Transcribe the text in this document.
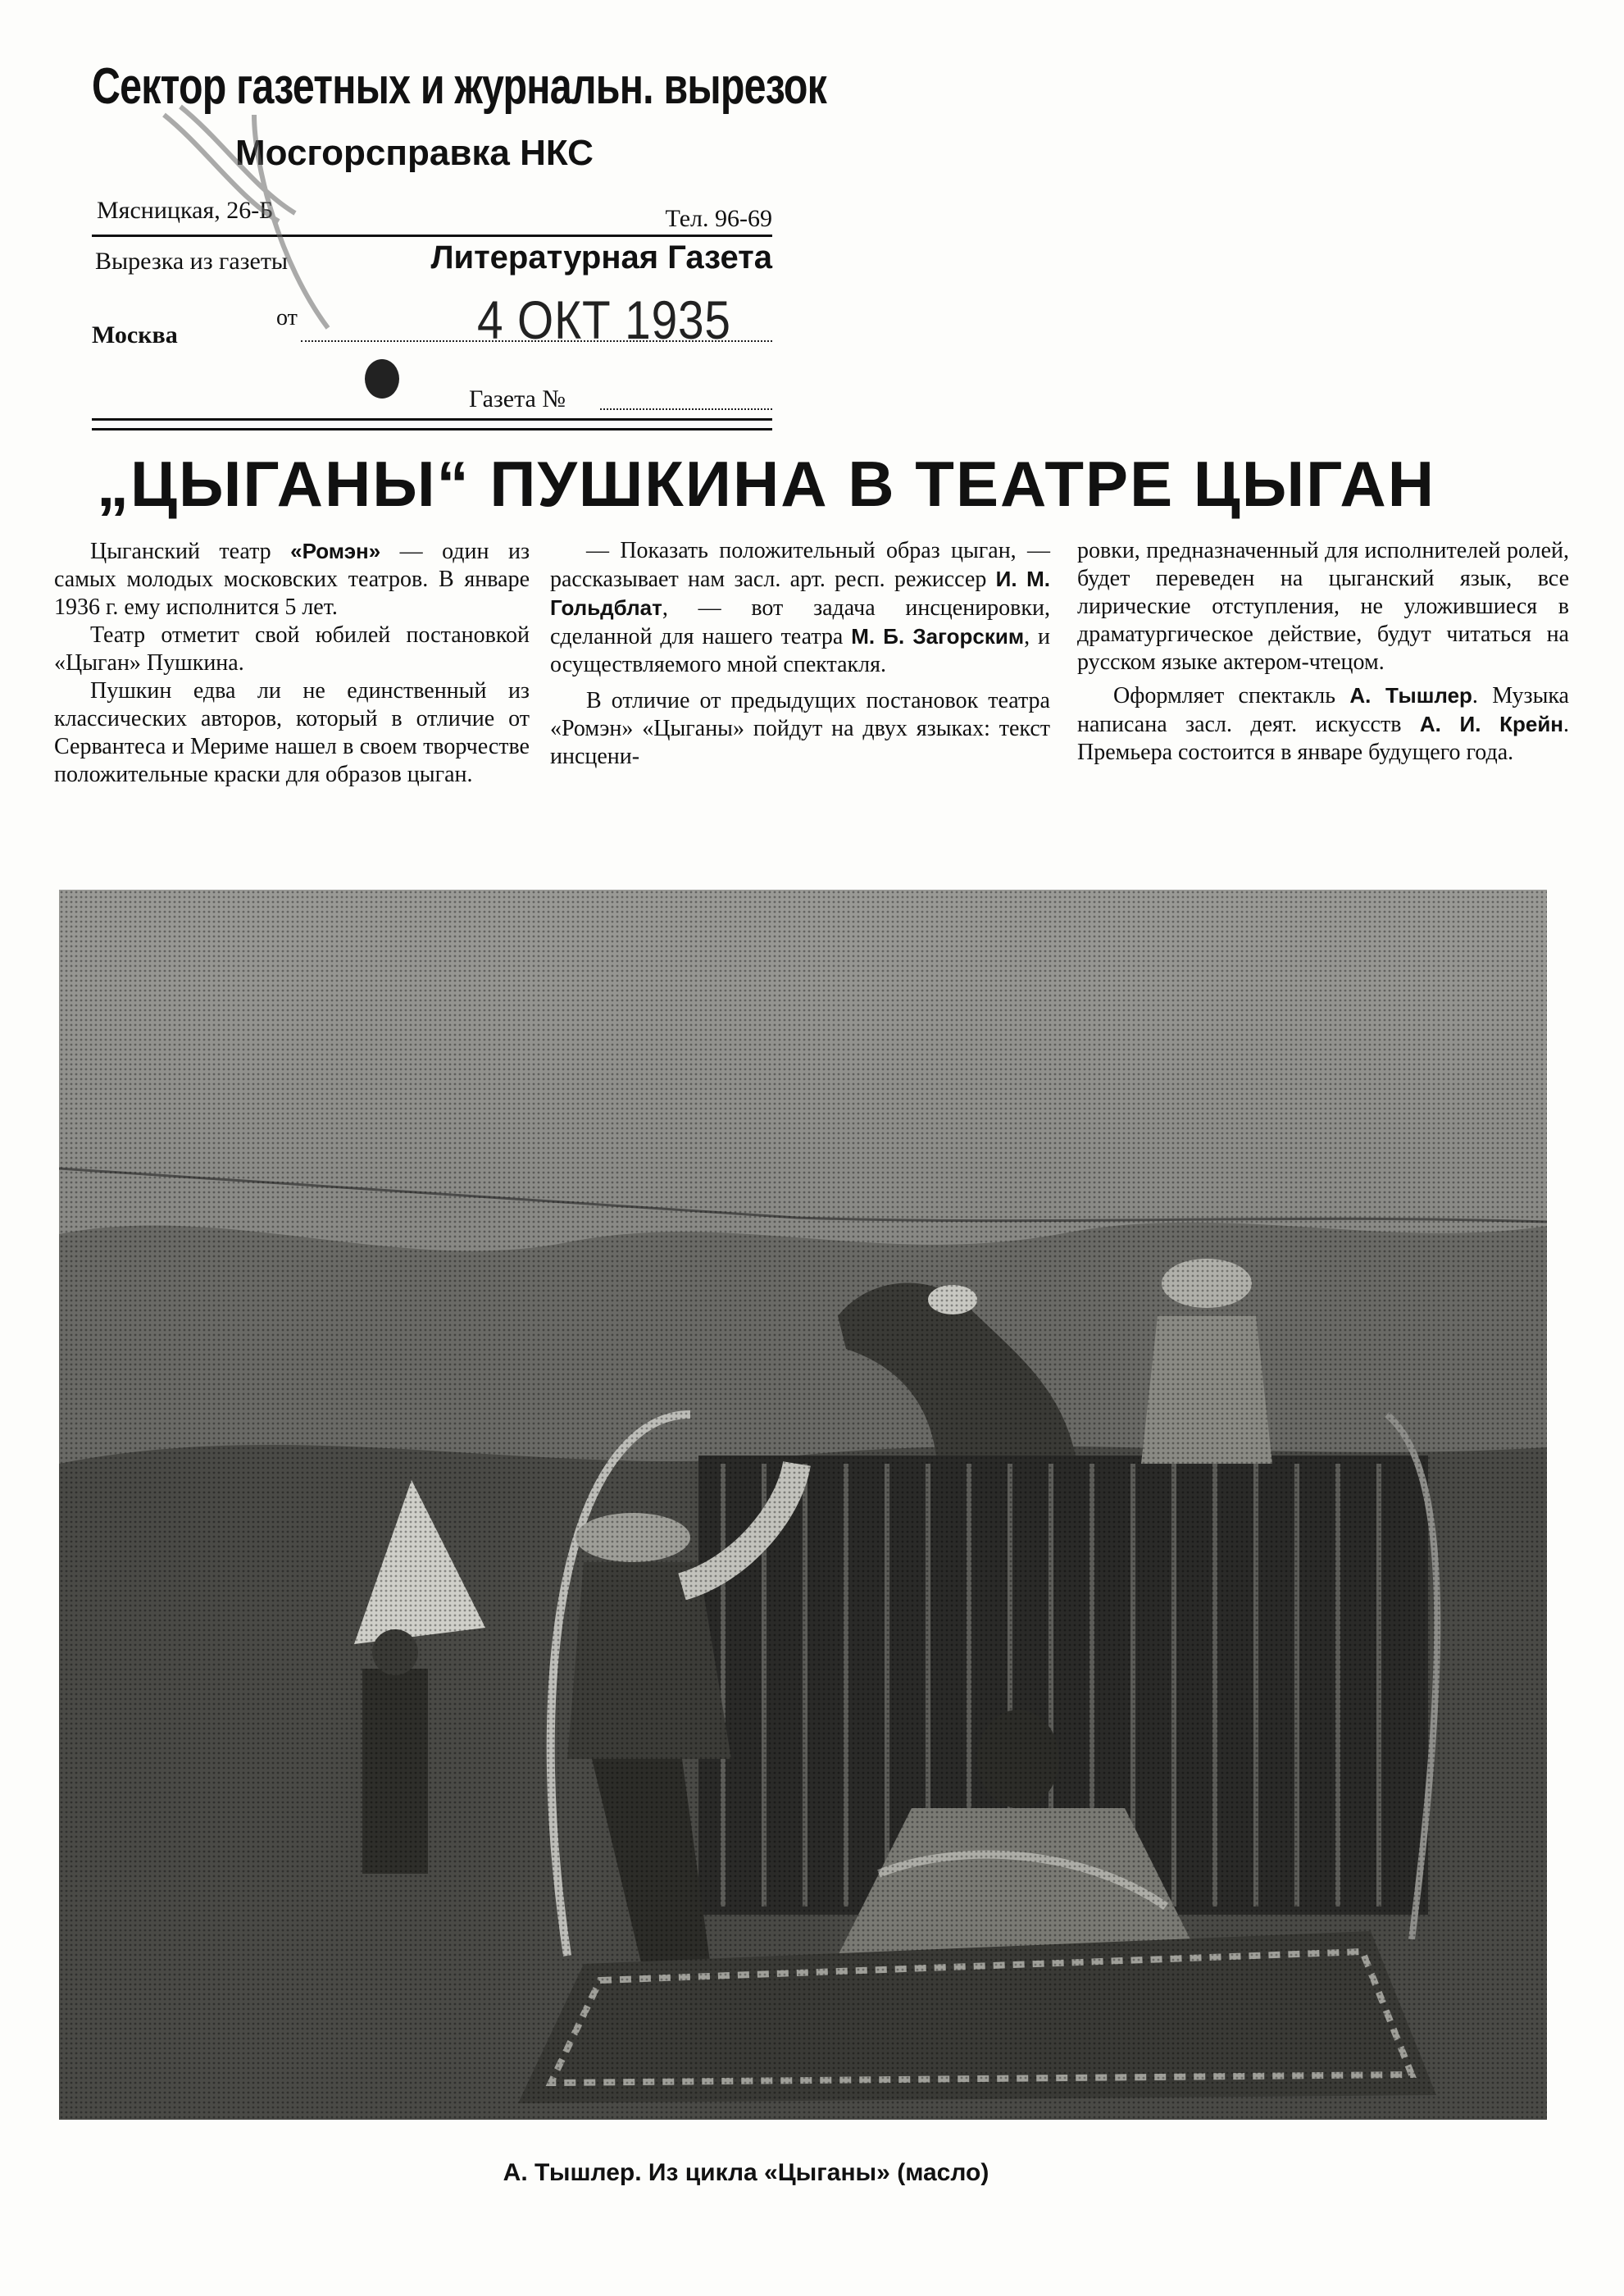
Сектор газетных и журнальн. вырезок
Мосгорсправка НКС
Мясницкая, 26-Б	Тел. 96-69
Вырезка из газеты	Литературная Газета
от
Москва	4 ОКТ 1935
Газета №
„ЦЫГАНЫ“ ПУШКИНА В ТЕАТРЕ ЦЫГАН

Цыганский театр «Ромэн» — один из самых молодых московских театров. В январе 1936 г. ему исполнится 5 лет.

Театр отметит свой юбилей постановкой «Цыган» Пушкина.

Пушкин едва ли не единственный из классических авторов, который в отличие от Сервантеса и Мериме нашел в своем творчестве положительные краски для образов цыган.

— Показать положительный образ цыган, — рассказывает нам засл. арт. респ. режиссер И. М. Гольдблат, — вот задача инсценировки, сделанной для нашего театра М. Б. Загорским, и осуществляемого мной спектакля.

В отличие от предыдущих постановок театра «Ромэн» «Цыганы» пойдут на двух языках: текст инсцени-

ровки, предназначенный для исполнителей ролей, будет переведен на цыганский язык, все лирические отступления, не уложившиеся в драматургическое действие, будут читаться на русском языке актером-чтецом.

Оформляет спектакль А. Тышлер. Музыка написана засл. деят. искусств А. И. Крейн. Премьера состоится в январе будущего года.

А. Тышлер. Из цикла «Цыганы» (масло)
